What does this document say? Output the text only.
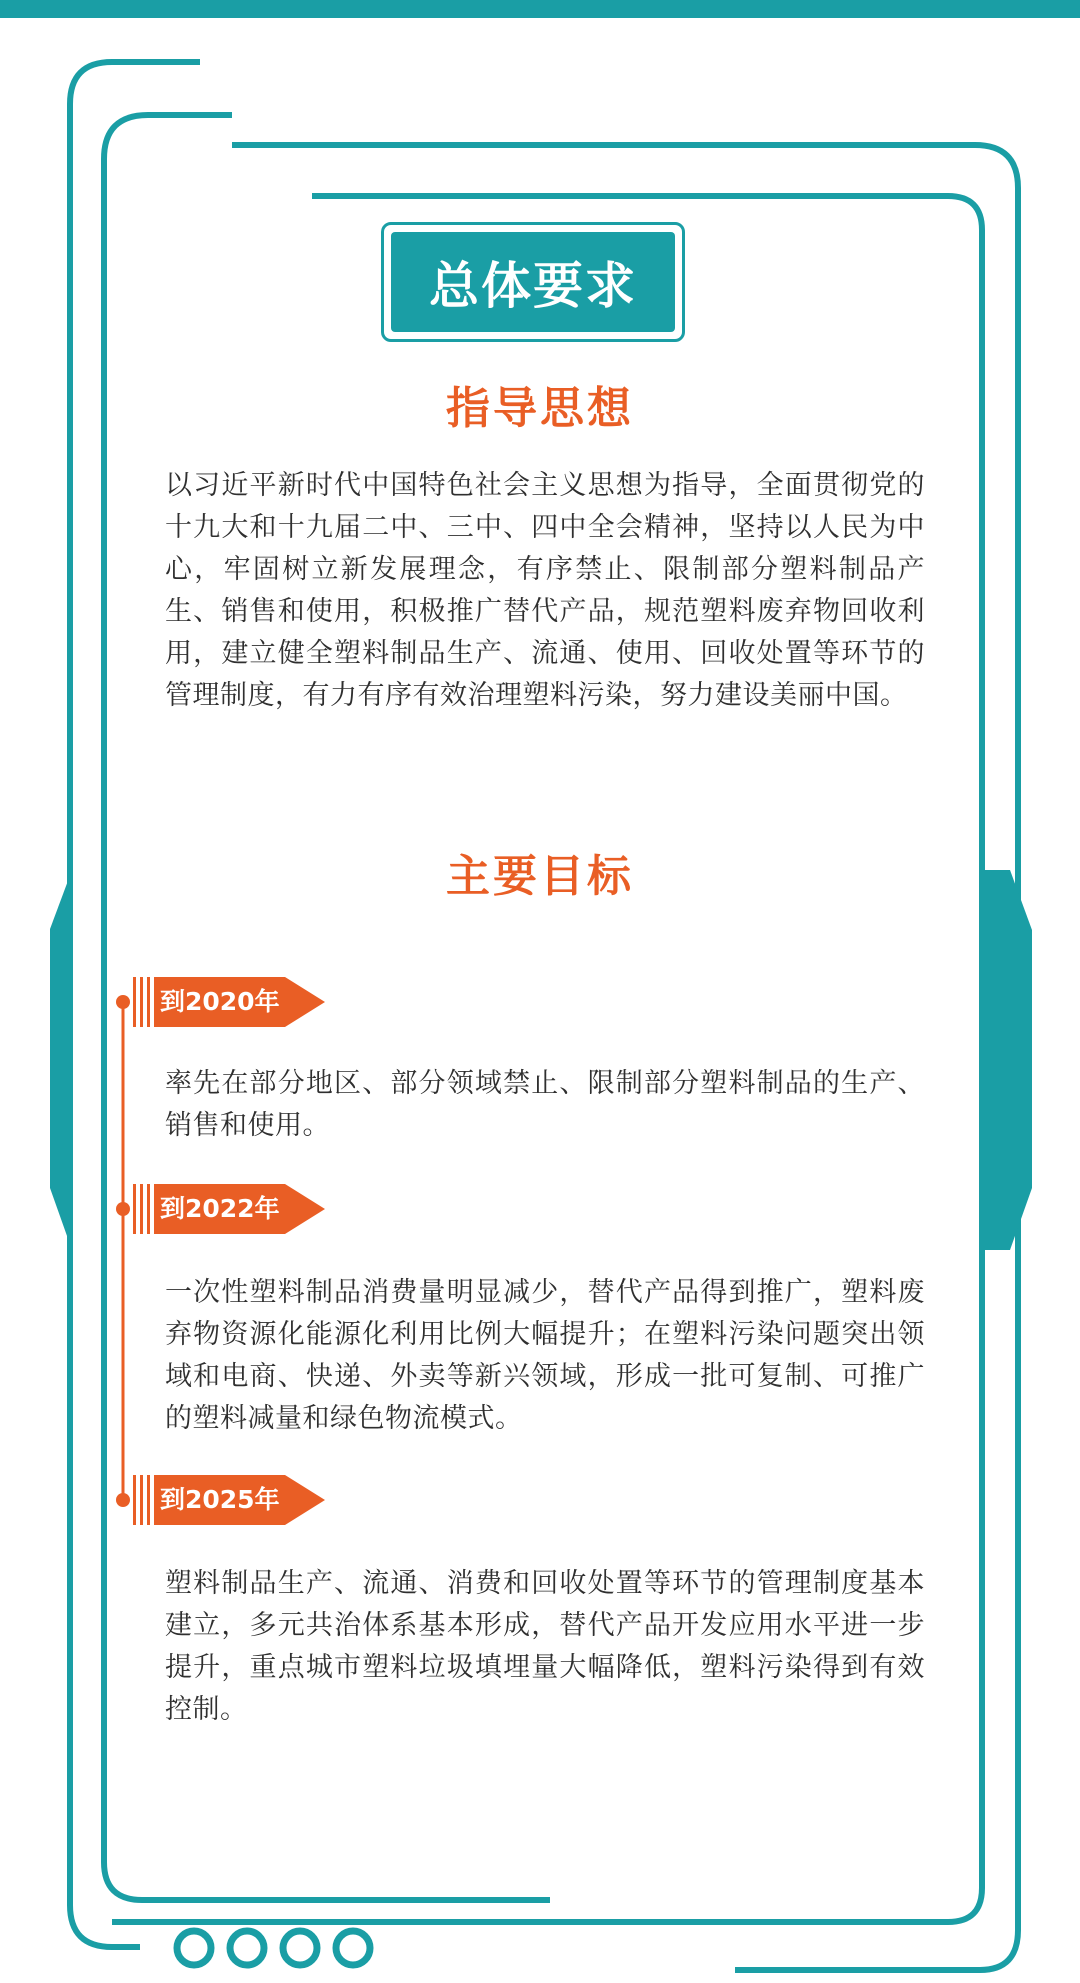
总体要求
指导思想
以习近平新时代中国特色社会主义思想为指导，全面贯彻党的十九大和十九届二中、三中、四中全会精神，坚持以人民为中心，牢固树立新发展理念，有序禁止、限制部分塑料制品产生、销售和使用，积极推广替代产品，规范塑料废弃物回收利用，建立健全塑料制品生产、流通、使用、回收处置等环节的管理制度，有力有序有效治理塑料污染，努力建设美丽中国。
主要目标
到2020年
率先在部分地区、部分领域禁止、限制部分塑料制品的生产、销售和使用。
到2022年
一次性塑料制品消费量明显减少，替代产品得到推广，塑料废弃物资源化能源化利用比例大幅提升；在塑料污染问题突出领域和电商、快递、外卖等新兴领域，形成一批可复制、可推广的塑料减量和绿色物流模式。
到2025年
塑料制品生产、流通、消费和回收处置等环节的管理制度基本建立，多元共治体系基本形成，替代产品开发应用水平进一步提升，重点城市塑料垃圾填埋量大幅降低，塑料污染得到有效控制。
